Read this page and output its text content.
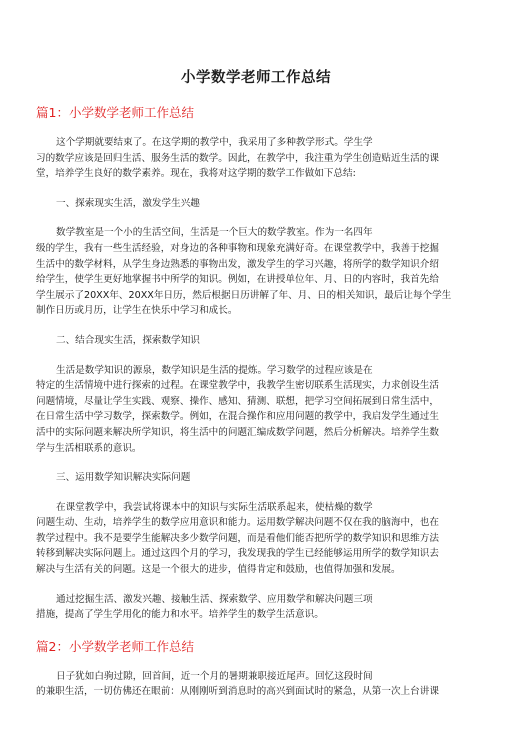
小学数学老师工作总结
篇1：小学数学老师工作总结
这个学期就要结束了。在这学期的教学中，我采用了多种教学形式。学生学
习的数学应该是回归生活、服务生活的数学。因此，在教学中，我注重为学生创造贴近生活的课
堂，培养学生良好的数学素养。现在，我将对这学期的数学工作做如下总结:
一、探索现实生活，激发学生兴趣
数学教室是一个小的生活空间，生活是一个巨大的数学教室。作为一名四年
级的学生，我有一些生活经验，对身边的各种事物和现象充满好奇。在课堂教学中，我善于挖掘
生活中的数学材料，从学生身边熟悉的事物出发，激发学生的学习兴趣，将所学的数学知识介绍
给学生，使学生更好地掌握书中所学的知识。例如，在讲授单位年、月、日的内容时，我首先给
学生展示了20XX年、20XX年日历，然后根据日历讲解了年、月、日的相关知识，最后让每个学生
制作日历或月历，让学生在快乐中学习和成长。
二、结合现实生活，探索数学知识
生活是数学知识的源泉，数学知识是生活的提炼。学习数学的过程应该是在
特定的生活情境中进行探索的过程。在课堂教学中，我教学生密切联系生活现实，力求创设生活
问题情境，尽量让学生实践、观察、操作、感知、猜测、联想，把学习空间拓展到日常生活中，
在日常生活中学习数学，探索数学。例如，在混合操作和应用问题的教学中，我启发学生通过生
活中的实际问题来解决所学知识，将生活中的问题汇编成数学问题，然后分析解决。培养学生数
学与生活相联系的意识。
三、运用数学知识解决实际问题
在课堂教学中，我尝试将课本中的知识与实际生活联系起来，使枯燥的数学
问题生动、生动，培养学生的数学应用意识和能力。运用数学解决问题不仅在我的脑海中，也在
教学过程中。我不是要学生能解决多少数学问题，而是看他们能否把所学的数学知识和思维方法
转移到解决实际问题上。通过这四个月的学习，我发现我的学生已经能够运用所学的数学知识去
解决与生活有关的问题。这是一个很大的进步，值得肯定和鼓励，也值得加强和发展。
通过挖掘生活、激发兴趣、接触生活、探索数学、应用数学和解决问题三项
措施，提高了学生学用化的能力和水平。培养学生的数学生活意识。
篇2：小学数学老师工作总结
日子犹如白驹过隙，回首间，近一个月的暑期兼职接近尾声。回忆这段时间
的兼职生活，一切仿佛还在眼前：从刚刚听到消息时的高兴到面试时的紧急，从第一次上台讲课
